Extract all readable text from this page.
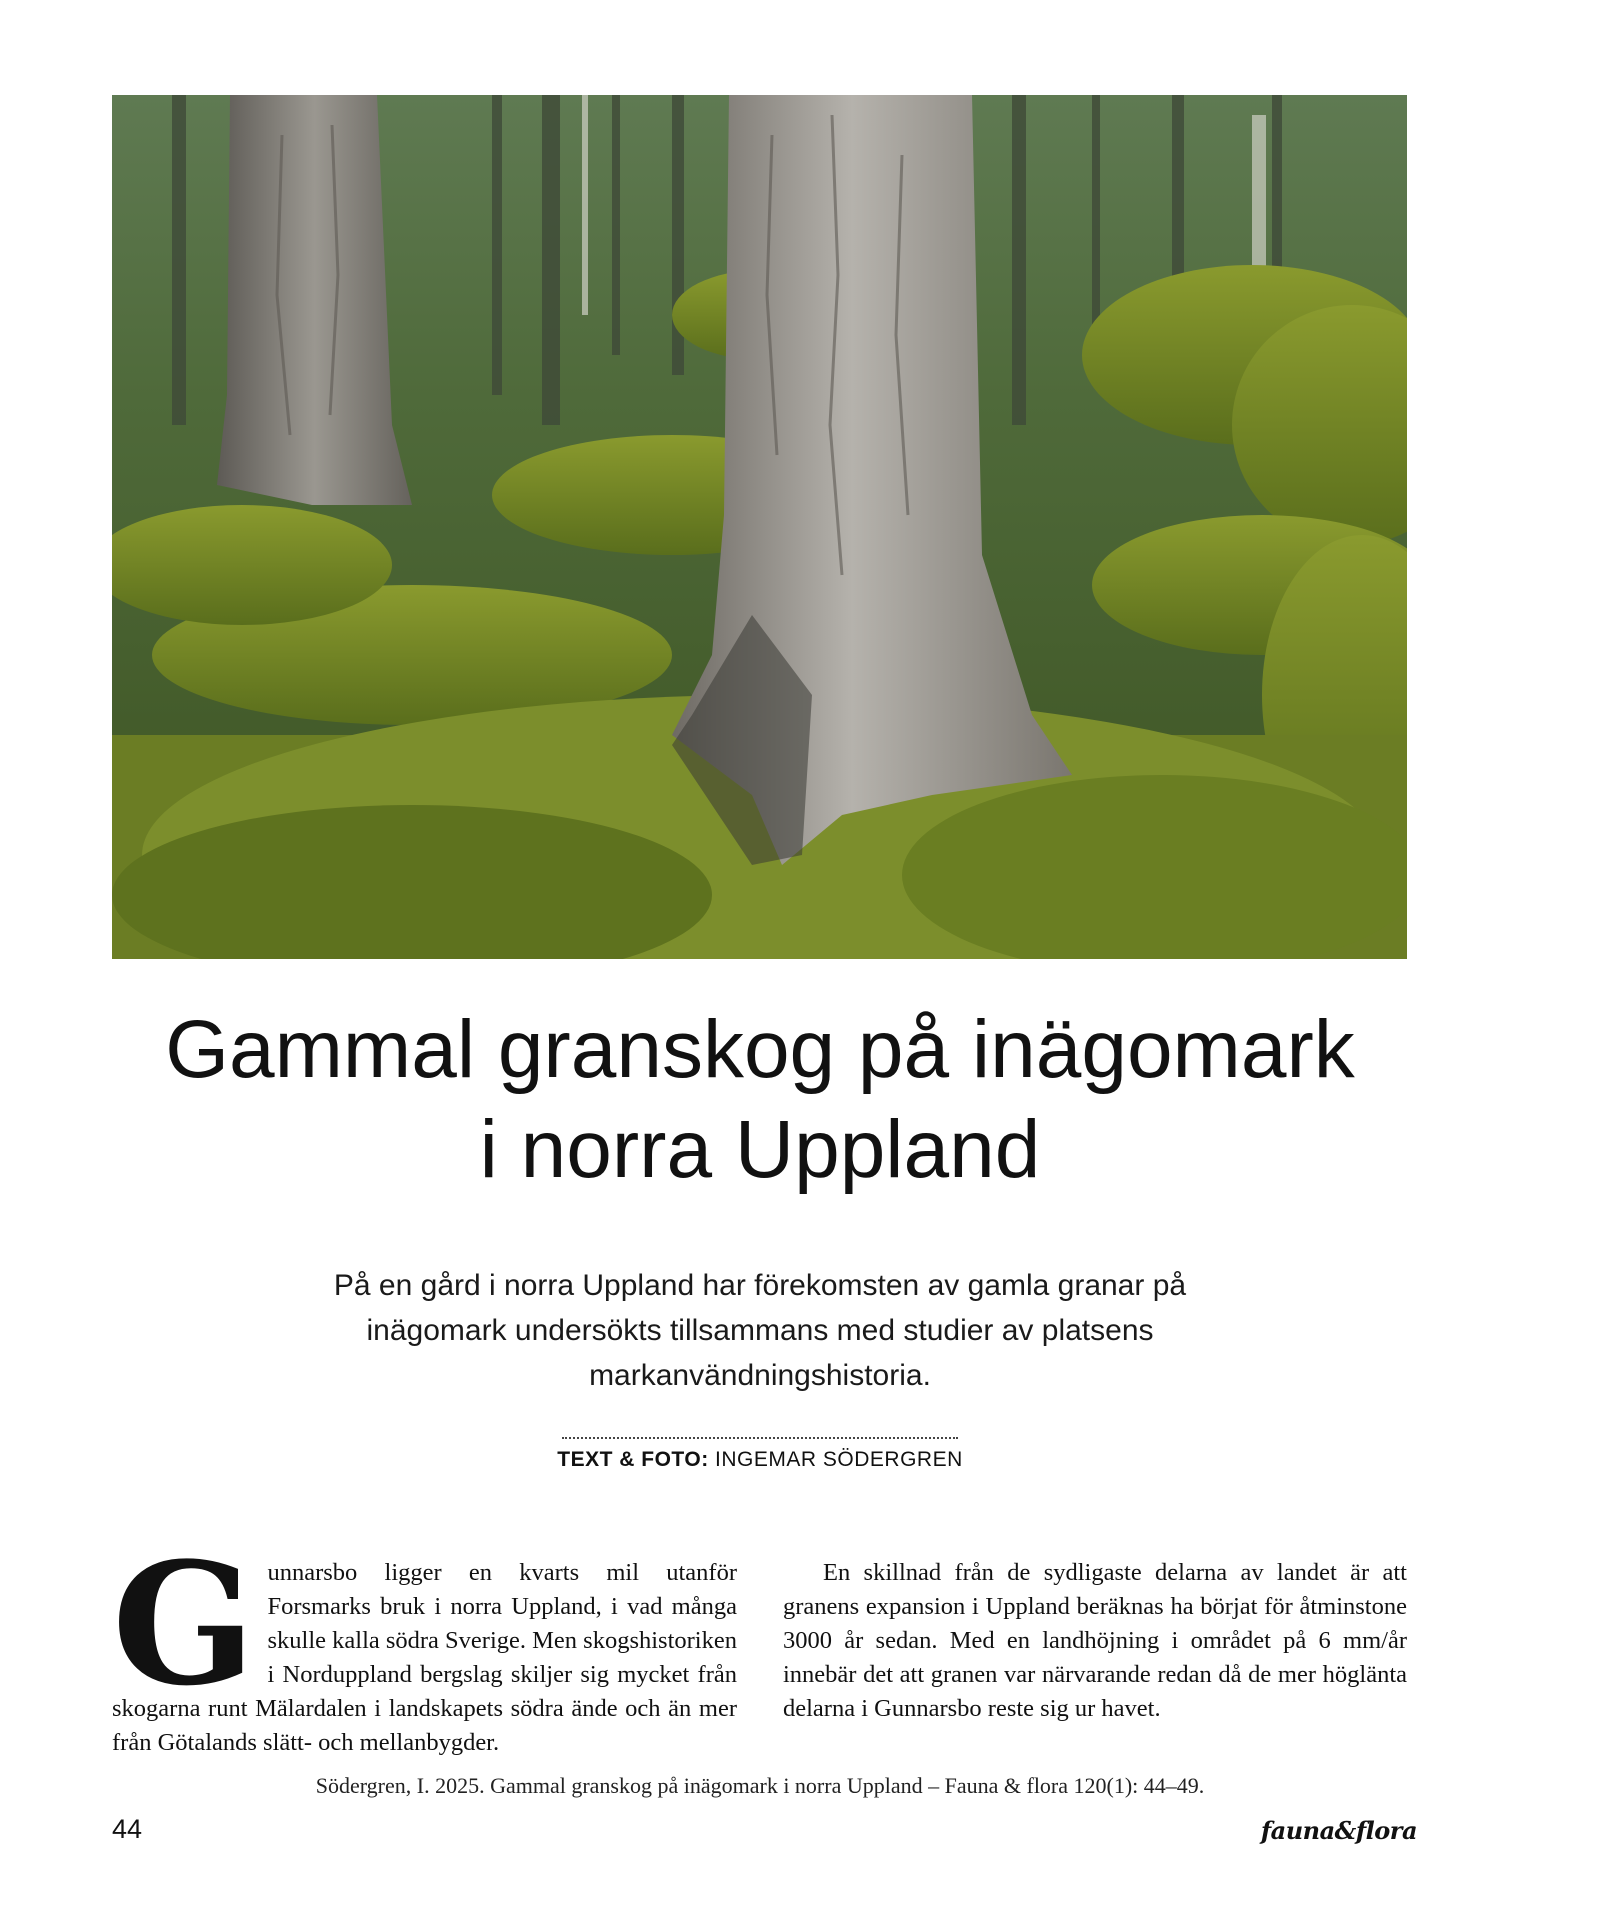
Gammal granskog på inägomark
i norra Uppland

På en gård i norra Uppland har förekomsten av gamla granar på inägomark undersökts tillsammans med studier av platsens markanvändningshistoria.

TEXT & FOTO: INGEMAR SÖDERGREN

G unnarsbo ligger en kvarts mil utanför Forsmarks bruk i norra Uppland, i vad många skulle kalla södra Sverige. Men skogshistoriken i Norduppland bergslag skiljer sig mycket från skogarna runt Mälardalen i landskapets södra ände och än mer från Götalands slätt- och mellanbygder.

En skillnad från de sydligaste delarna av landet är att granens expansion i Uppland beräknas ha börjat för åtminstone 3000 år sedan. Med en landhöjning i området på 6 mm/år innebär det att granen var närvarande redan då de mer höglänta delarna i Gunnarsbo reste sig ur havet.

Södergren, I. 2025. Gammal granskog på inägomark i norra Uppland – Fauna & flora 120(1): 44–49.
44	fauna&flora
